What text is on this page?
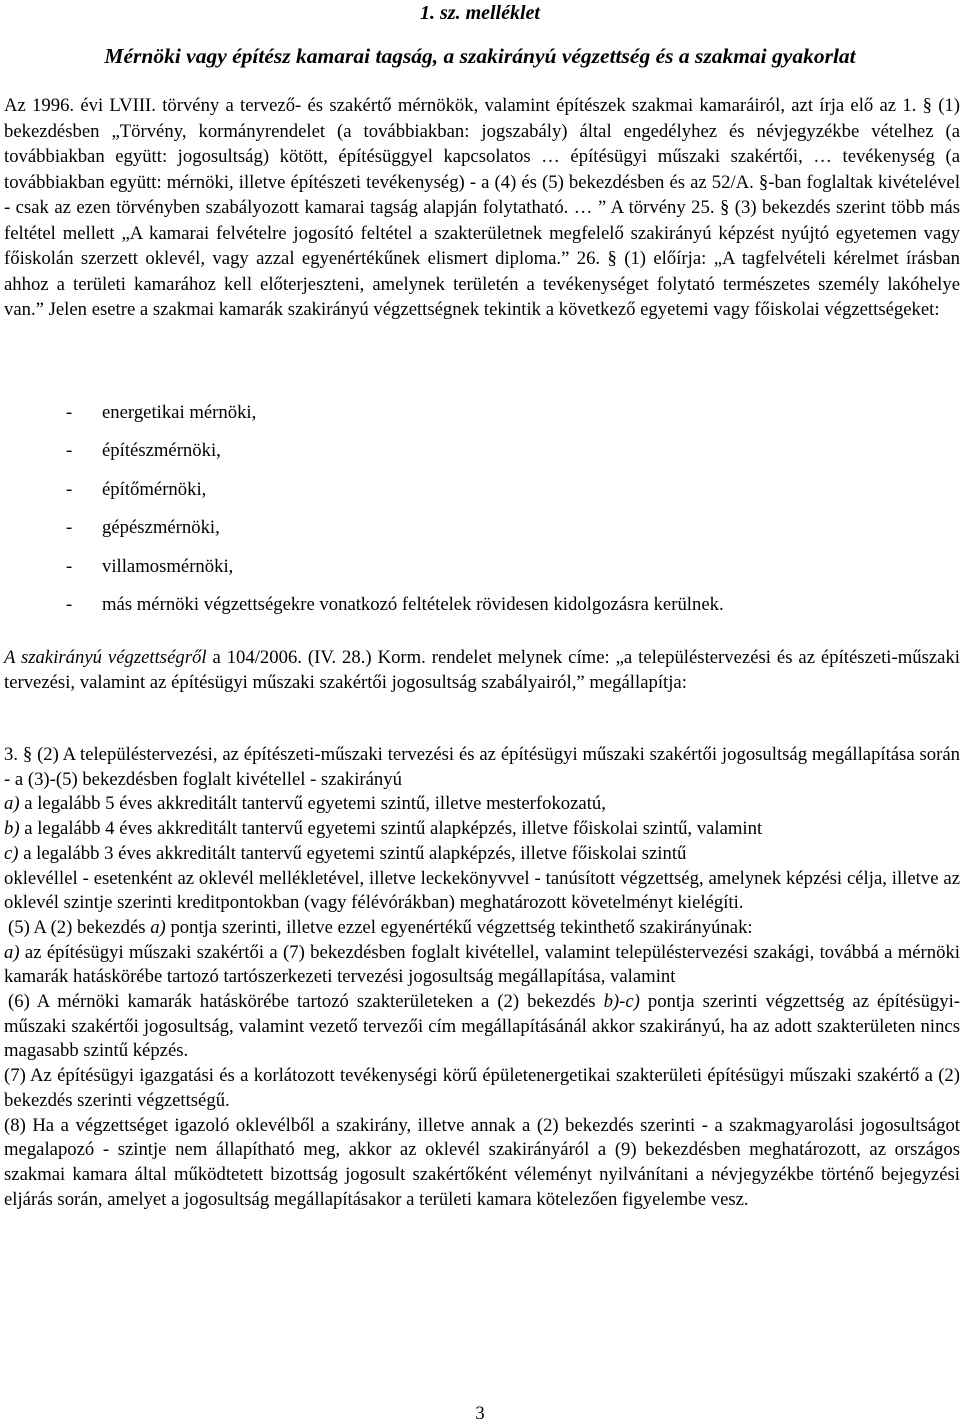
1. sz. melléklet
Mérnöki vagy építész kamarai tagság, a szakirányú végzettség és a szakmai gyakorlat
Az 1996. évi LVIII. törvény a tervező- és szakértő mérnökök, valamint építészek szakmai kamaráiról, azt írja elő az 1. § (1) bekezdésben „Törvény, kormányrendelet (a továbbiakban: jogszabály) által engedélyhez és névjegyzékbe vételhez (a továbbiakban együtt: jogosultság) kötött, építésüggyel kapcsolatos … építésügyi műszaki szakértői, … tevékenység (a továbbiakban együtt: mérnöki, illetve építészeti tevékenység) - a (4) és (5) bekezdésben és az 52/A. §-ban foglaltak kivételével - csak az ezen törvényben szabályozott kamarai tagság alapján folytatható. … ” A törvény 25. § (3) bekezdés szerint több más feltétel mellett „A kamarai felvételre jogosító feltétel a szakterületnek megfelelő szakirányú képzést nyújtó egyetemen vagy főiskolán szerzett oklevél, vagy azzal egyenértékűnek elismert diploma.” 26. § (1) előírja: „A tagfelvételi kérelmet írásban ahhoz a területi kamarához kell előterjeszteni, amelynek területén a tevékenységet folytató természetes személy lakóhelye van.” Jelen esetre a szakmai kamarák szakirányú végzettségnek tekintik a következő egyetemi vagy főiskolai végzettségeket:
- energetikai mérnöki,
- építészmérnöki,
- építőmérnöki,
- gépészmérnöki,
- villamosmérnöki,
- más mérnöki végzettségekre vonatkozó feltételek rövidesen kidolgozásra kerülnek.

A szakirányú végzettségről a 104/2006. (IV. 28.) Korm. rendelet melynek címe: „a településtervezési és az építészeti-műszaki tervezési, valamint az építésügyi műszaki szakértői jogosultság szabályairól,” megállapítja:

3. § (2) A településtervezési, az építészeti-műszaki tervezési és az építésügyi műszaki szakértői jogosultság megállapítása során - a (3)-(5) bekezdésben foglalt kivétellel - szakirányú

a) a legalább 5 éves akkreditált tantervű egyetemi szintű, illetve mesterfokozatú,

b) a legalább 4 éves akkreditált tantervű egyetemi szintű alapképzés, illetve főiskolai szintű, valamint

c) a legalább 3 éves akkreditált tantervű egyetemi szintű alapképzés, illetve főiskolai szintű

oklevéllel - esetenként az oklevél mellékletével, illetve leckekönyvvel - tanúsított végzettség, amelynek képzési célja, illetve az oklevél szintje szerinti kreditpontokban (vagy félévórákban) meghatározott követelményt kielégíti.

(5) A (2) bekezdés a) pontja szerinti, illetve ezzel egyenértékű végzettség tekinthető szakirányúnak:

a) az építésügyi műszaki szakértői a (7) bekezdésben foglalt kivétellel, valamint településtervezési szakági, továbbá a mérnöki kamarák hatáskörébe tartozó tartószerkezeti tervezési jogosultság megállapítása, valamint

(6) A mérnöki kamarák hatáskörébe tartozó szakterületeken a (2) bekezdés b)-c) pontja szerinti végzettség az építésügyi-műszaki szakértői jogosultság, valamint vezető tervezői cím megállapításánál akkor szakirányú, ha az adott szakterületen nincs magasabb szintű képzés.

(7) Az építésügyi igazgatási és a korlátozott tevékenységi körű épületenergetikai szakterületi építésügyi műszaki szakértő a (2) bekezdés szerinti végzettségű.

(8) Ha a végzettséget igazoló oklevélből a szakirány, illetve annak a (2) bekezdés szerinti - a szakmagyarolási jogosultságot megalapozó - szintje nem állapítható meg, akkor az oklevél szakirányáról a (9) bekezdésben meghatározott, az országos szakmai kamara által működtetett bizottság jogosult szakértőként véleményt nyilvánítani a névjegyzékbe történő bejegyzési eljárás során, amelyet a jogosultság megállapításakor a területi kamara kötelezően figyelembe vesz.

3
